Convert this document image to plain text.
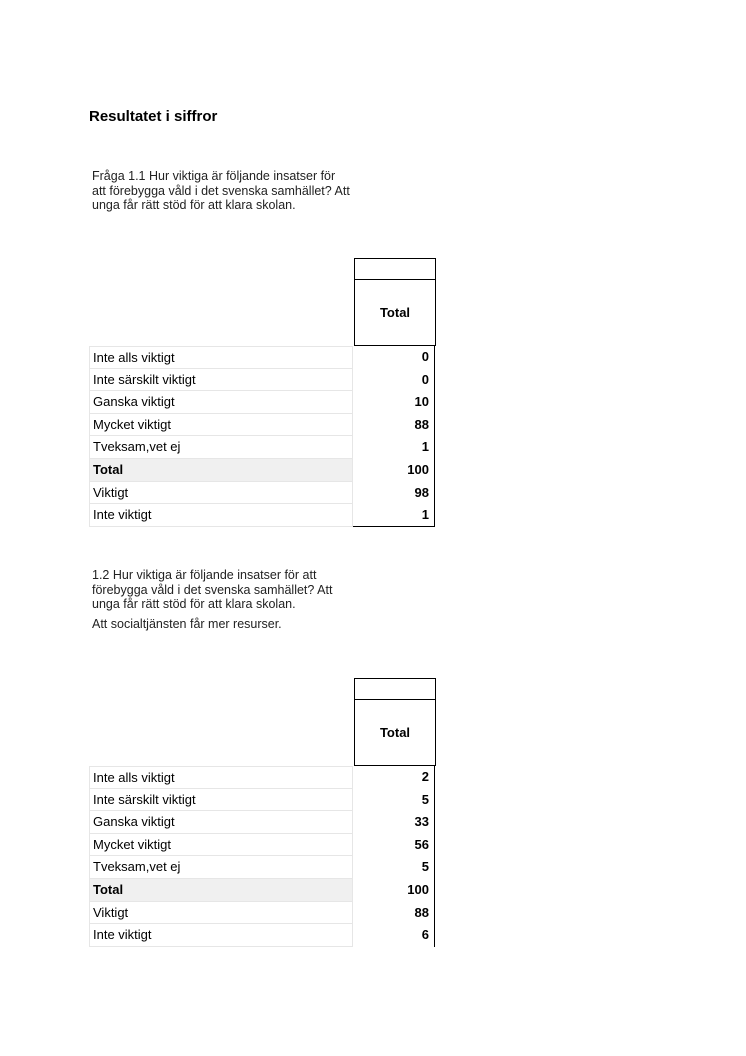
Resultatet i siffror

Fråga 1.1 Hur viktiga är följande insatser för att förebygga våld i det svenska samhället? Att unga får rätt stöd för att klara skolan.

Total
Inte alls viktigt	0
Inte särskilt viktigt	0
Ganska viktigt	10
Mycket viktigt	88
Tveksam,vet ej	1
Total	100
Viktigt	98
Inte viktigt	1

1.2 Hur viktiga är följande insatser för att förebygga våld i det svenska samhället? Att unga får rätt stöd för att klara skolan.

Att socialtjänsten får mer resurser.

Total
Inte alls viktigt	2
Inte särskilt viktigt	5
Ganska viktigt	33
Mycket viktigt	56
Tveksam,vet ej	5
Total	100
Viktigt	88
Inte viktigt	6
